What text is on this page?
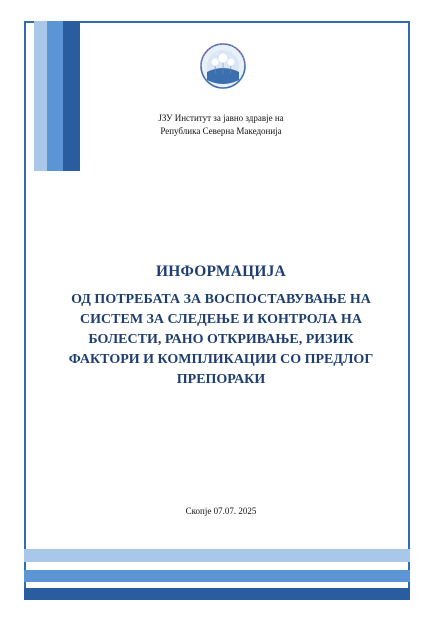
ЈЗУ Институт за јавно здравје на
Република Северна Македонија
ИНФОРМАЦИЈА
ОД ПОТРЕБАТА ЗА ВОСПОСТАВУВАЊЕ НА
СИСТЕМ ЗА СЛЕДЕЊЕ И КОНТРОЛА НА
БОЛЕСТИ, РАНО ОТКРИВАЊЕ, РИЗИК
ФАКТОРИ И КОМПЛИКАЦИИ СО ПРЕДЛОГ
ПРЕПОРАКИ
Скопје 07.07. 2025
